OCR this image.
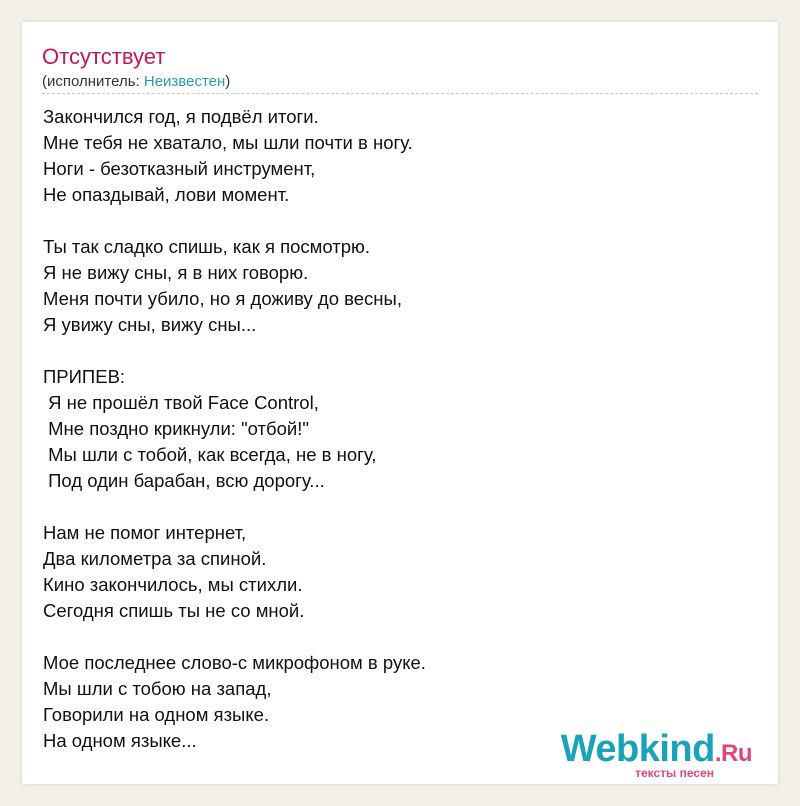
Отсутствует
(исполнитель: Неизвестен)
Закончился год, я подвёл итоги.
Мне тебя не хватало, мы шли почти в ногу.
Ноги - безотказный инструмент,
Не опаздывай, лови момент.

Ты так сладко спишь, как я посмотрю.
Я не вижу сны, я в них говорю.
Меня почти убило, но я доживу до весны,
Я увижу сны, вижу сны...

ПРИПЕВ:
Я не прошёл твой Face Control,
Мне поздно крикнули: "отбой!"
Мы шли с тобой, как всегда, не в ногу,
Под один барабан, всю дорогу...

Нам не помог интернет,
Два километра за спиной.
Кино закончилось, мы стихли.
Сегодня спишь ты не со мной.

Мое последнее слово-с микрофоном в руке.
Мы шли с тобою на запад,
Говорили на одном языке.
На одном языке...	Webkind.Ru
тексты песен
